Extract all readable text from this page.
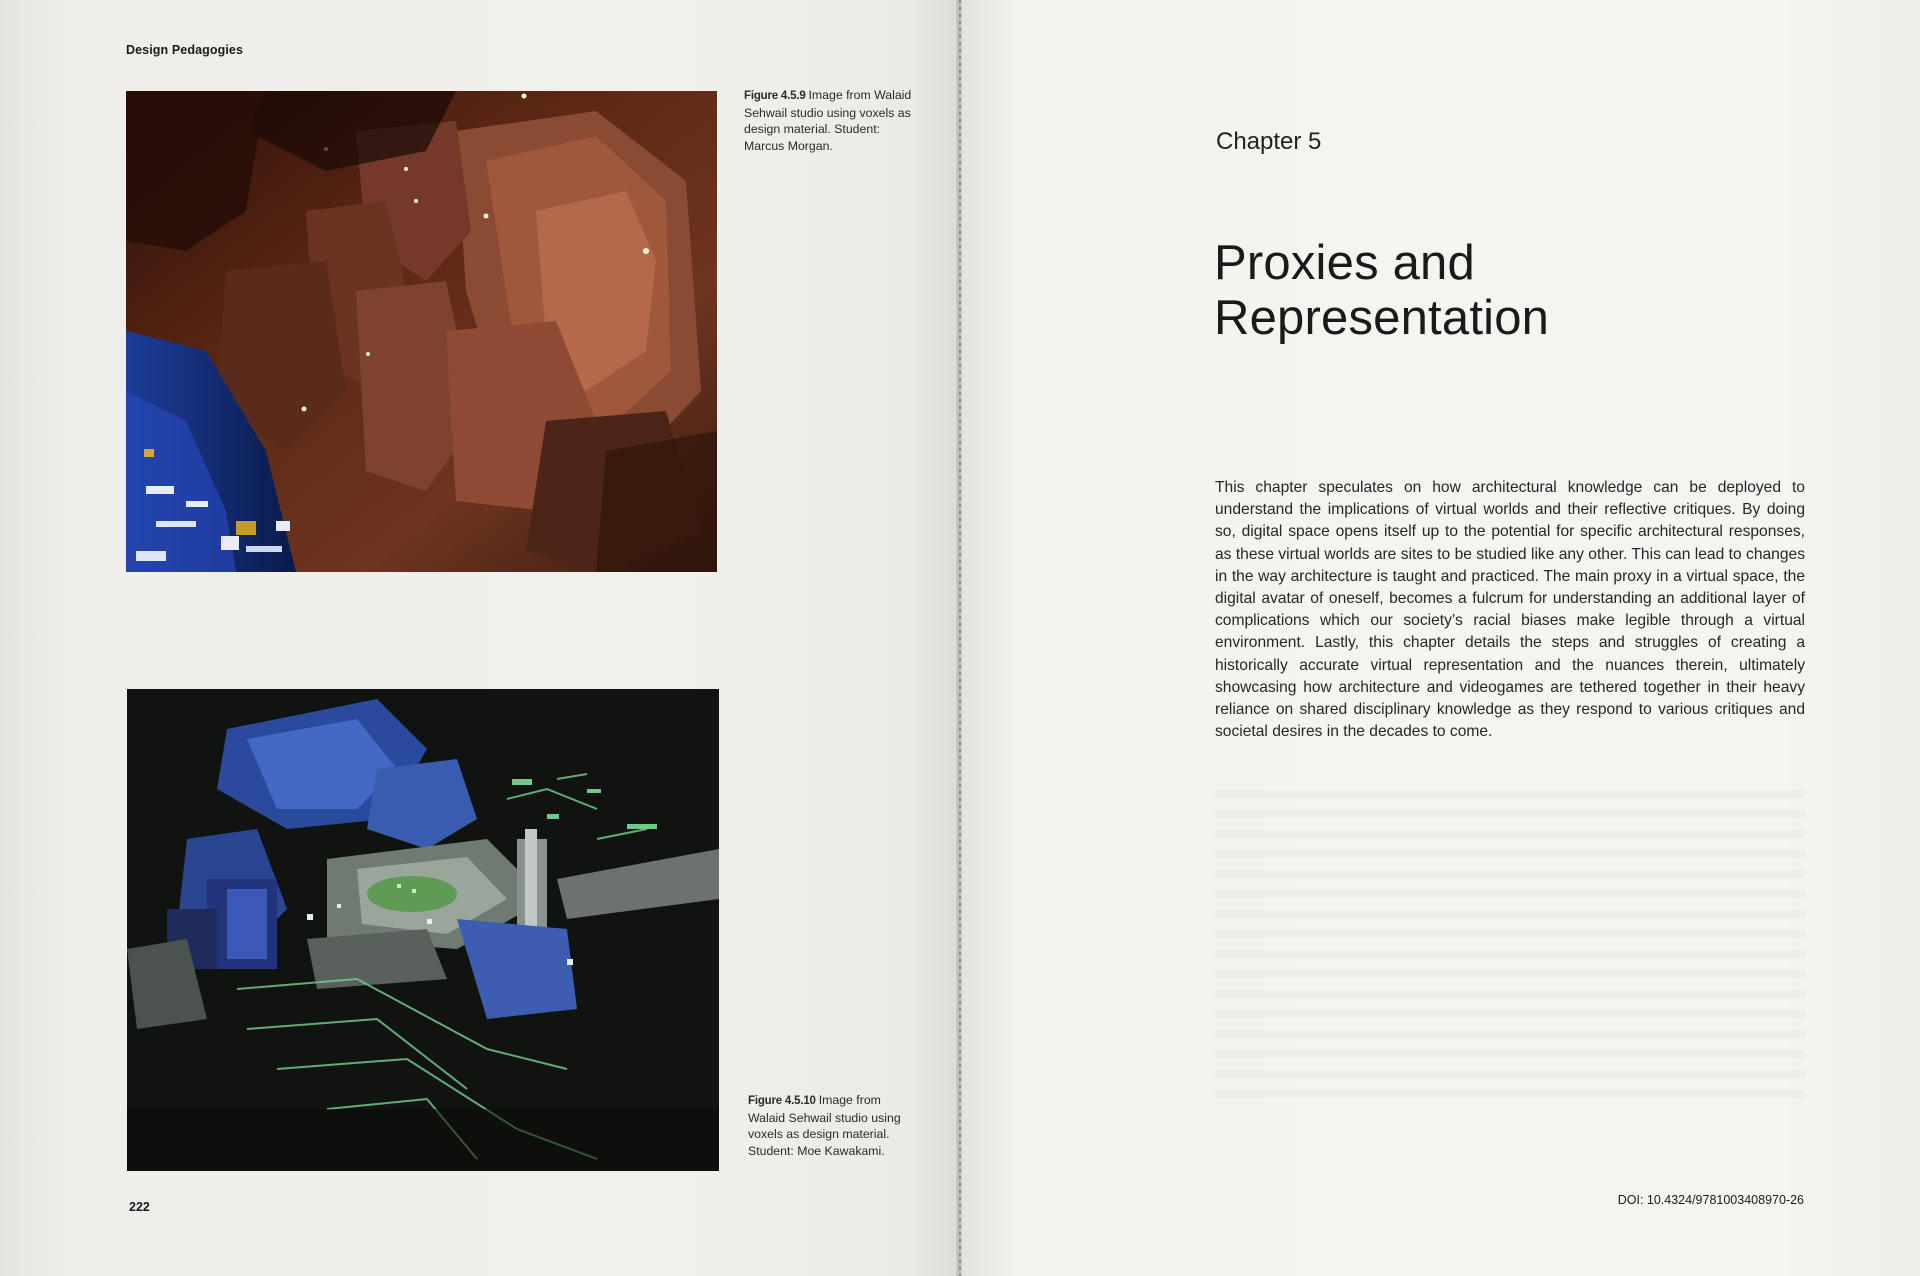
Design Pedagogies
Figure 4.5.9 Image from Walaid Sehwail studio using voxels as design material. Student: Marcus Morgan.
Figure 4.5.10 Image from Walaid Sehwail studio using voxels as design material. Student: Moe Kawakami.
222
Chapter 5
Proxies and
Representation
This chapter speculates on how architectural knowledge can be deployed to understand the implications of virtual worlds and their reflective critiques. By doing so, digital space opens itself up to the potential for specific architectural responses, as these virtual worlds are sites to be studied like any other. This can lead to changes in the way architecture is taught and practiced. The main proxy in a virtual space, the digital avatar of oneself, becomes a fulcrum for understanding an additional layer of complications which our society’s racial biases make legible through a virtual environment. Lastly, this chapter details the steps and struggles of creating a historically accurate virtual representation and the nuances therein, ultimately showcasing how architecture and videogames are tethered together in their heavy reliance on shared disciplinary knowledge as they respond to various critiques and societal desires in the decades to come.
DOI: 10.4324/9781003408970-26
